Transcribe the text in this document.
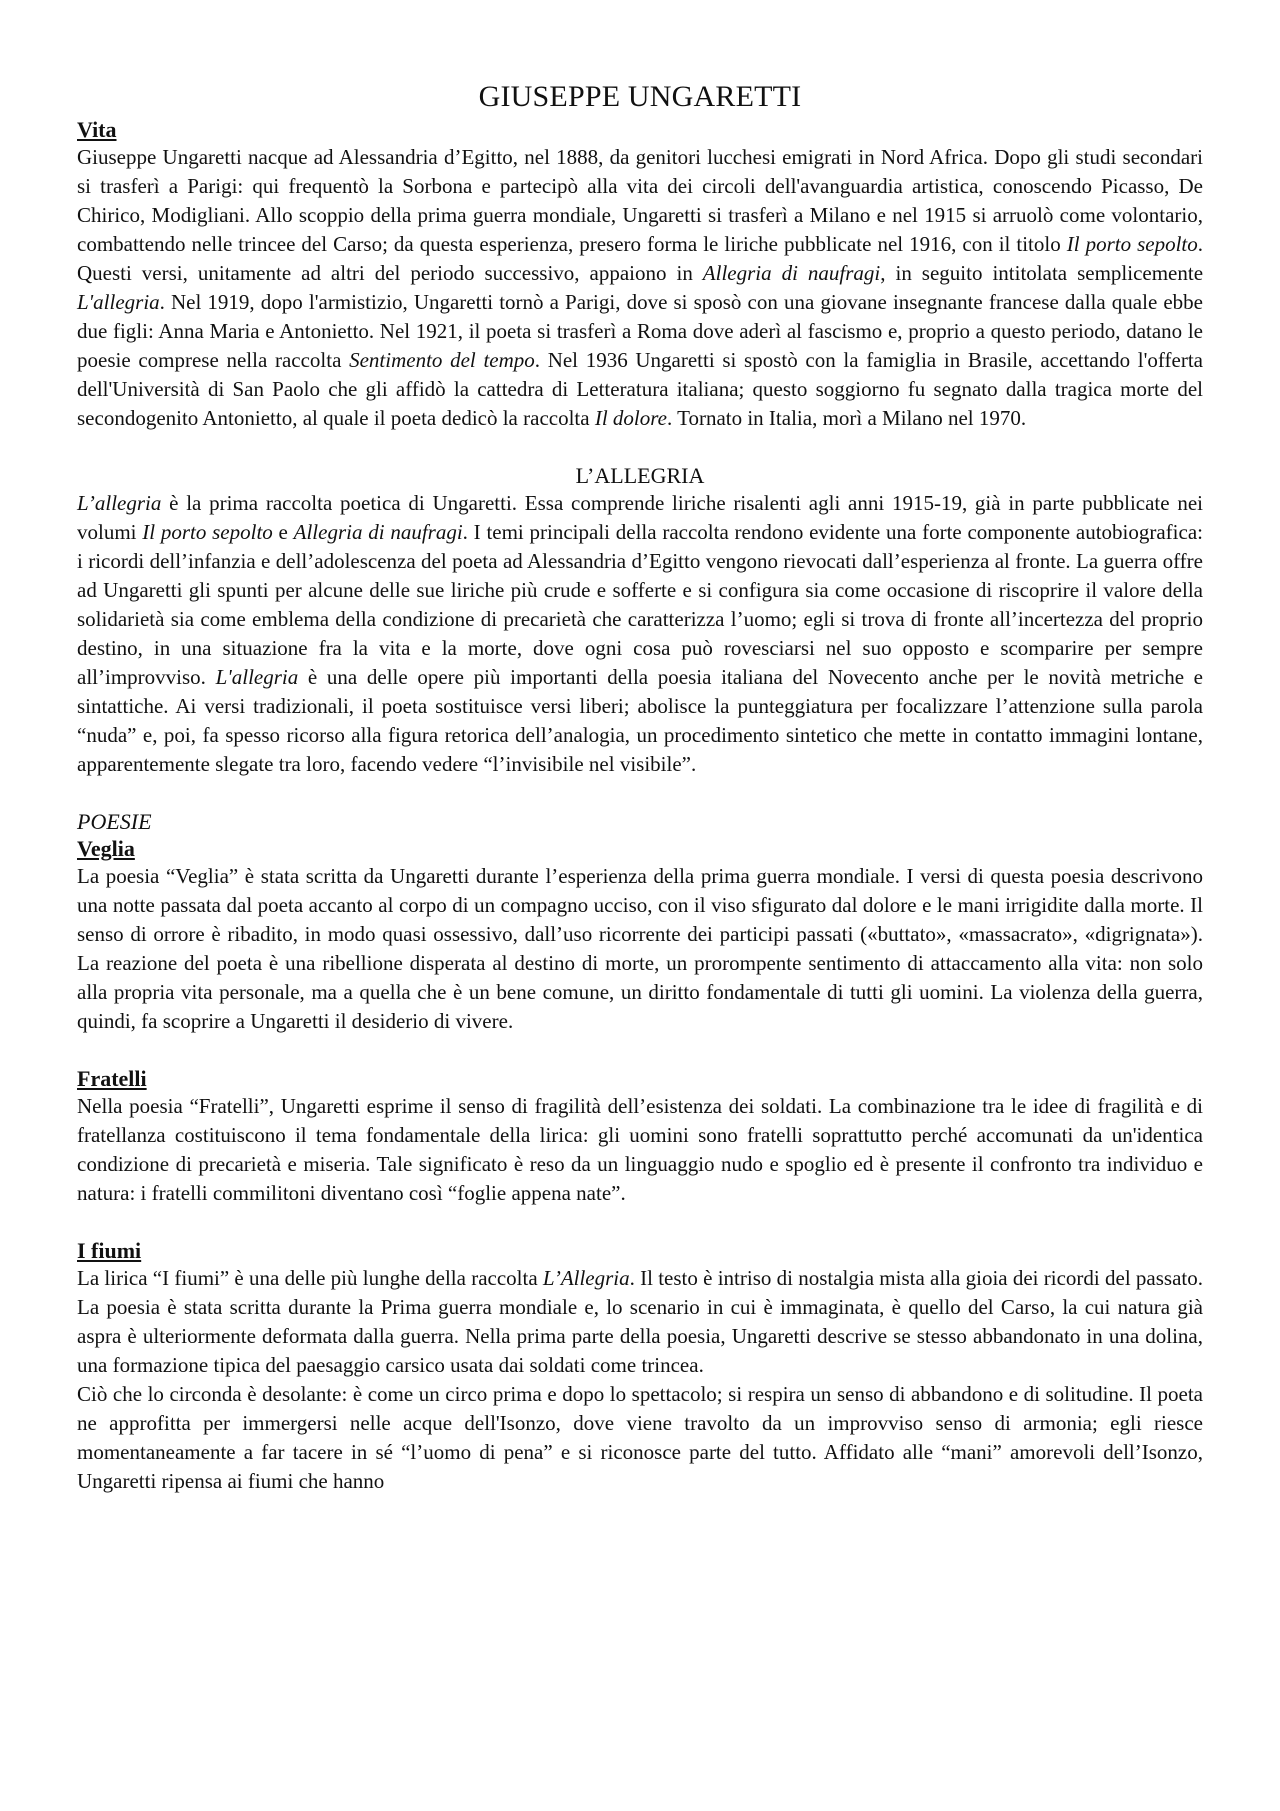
GIUSEPPE UNGARETTI
Vita

Giuseppe Ungaretti nacque ad Alessandria d’Egitto, nel 1888, da genitori lucchesi emigrati in Nord Africa. Dopo gli studi secondari si trasferì a Parigi: qui frequentò la Sorbona e partecipò alla vita dei circoli dell'avanguardia artistica, conoscendo Picasso, De Chirico, Modigliani. Allo scoppio della prima guerra mondiale, Ungaretti si trasferì a Milano e nel 1915 si arruolò come volontario, combattendo nelle trincee del Carso; da questa esperienza, presero forma le liriche pubblicate nel 1916, con il titolo Il porto sepolto. Questi versi, unitamente ad altri del periodo successivo, appaiono in Allegria di naufragi, in seguito intitolata semplicemente L'allegria. Nel 1919, dopo l'armistizio, Ungaretti tornò a Parigi, dove si sposò con una giovane insegnante francese dalla quale ebbe due figli: Anna Maria e Antonietto. Nel 1921, il poeta si trasferì a Roma dove aderì al fascismo e, proprio a questo periodo, datano le poesie comprese nella raccolta Sentimento del tempo. Nel 1936 Ungaretti si spostò con la famiglia in Brasile, accettando l'offerta dell'Università di San Paolo che gli affidò la cattedra di Letteratura italiana; questo soggiorno fu segnato dalla tragica morte del secondogenito Antonietto, al quale il poeta dedicò la raccolta Il dolore. Tornato in Italia, morì a Milano nel 1970.

L’ALLEGRIA

L’allegria è la prima raccolta poetica di Ungaretti. Essa comprende liriche risalenti agli anni 1915-19, già in parte pubblicate nei volumi Il porto sepolto e Allegria di naufragi. I temi principali della raccolta rendono evidente una forte componente autobiografica: i ricordi dell’infanzia e dell’adolescenza del poeta ad Alessandria d’Egitto vengono rievocati dall’esperienza al fronte. La guerra offre ad Ungaretti gli spunti per alcune delle sue liriche più crude e sofferte e si configura sia come occasione di riscoprire il valore della solidarietà sia come emblema della condizione di precarietà che caratterizza l’uomo; egli si trova di fronte all’incertezza del proprio destino, in una situazione fra la vita e la morte, dove ogni cosa può rovesciarsi nel suo opposto e scomparire per sempre all’improvviso. L'allegria è una delle opere più importanti della poesia italiana del Novecento anche per le novità metriche e sintattiche. Ai versi tradizionali, il poeta sostituisce versi liberi; abolisce la punteggiatura per focalizzare l’attenzione sulla parola “nuda” e, poi, fa spesso ricorso alla figura retorica dell’analogia, un procedimento sintetico che mette in contatto immagini lontane, apparentemente slegate tra loro, facendo vedere “l’invisibile nel visibile”.

POESIE
Veglia

La poesia “Veglia” è stata scritta da Ungaretti durante l’esperienza della prima guerra mondiale. I versi di questa poesia descrivono una notte passata dal poeta accanto al corpo di un compagno ucciso, con il viso sfigurato dal dolore e le mani irrigidite dalla morte. Il senso di orrore è ribadito, in modo quasi ossessivo, dall’uso ricorrente dei participi passati («buttato», «massacrato», «digrignata»). La reazione del poeta è una ribellione disperata al destino di morte, un prorompente sentimento di attaccamento alla vita: non solo alla propria vita personale, ma a quella che è un bene comune, un diritto fondamentale di tutti gli uomini. La violenza della guerra, quindi, fa scoprire a Ungaretti il desiderio di vivere.

Fratelli

Nella poesia “Fratelli”, Ungaretti esprime il senso di fragilità dell’esistenza dei soldati. La combinazione tra le idee di fragilità e di fratellanza costituiscono il tema fondamentale della lirica: gli uomini sono fratelli soprattutto perché accomunati da un'identica condizione di precarietà e miseria. Tale significato è reso da un linguaggio nudo e spoglio ed è presente il confronto tra individuo e natura: i fratelli commilitoni diventano così “foglie appena nate”.

I fiumi

La lirica “I fiumi” è una delle più lunghe della raccolta L’Allegria. Il testo è intriso di nostalgia mista alla gioia dei ricordi del passato. La poesia è stata scritta durante la Prima guerra mondiale e, lo scenario in cui è immaginata, è quello del Carso, la cui natura già aspra è ulteriormente deformata dalla guerra. Nella prima parte della poesia, Ungaretti descrive se stesso abbandonato in una dolina, una formazione tipica del paesaggio carsico usata dai soldati come trincea.

Ciò che lo circonda è desolante: è come un circo prima e dopo lo spettacolo; si respira un senso di abbandono e di solitudine. Il poeta ne approfitta per immergersi nelle acque dell'Isonzo, dove viene travolto da un improvviso senso di armonia; egli riesce momentaneamente a far tacere in sé “l’uomo di pena” e si riconosce parte del tutto. Affidato alle “mani” amorevoli dell’Isonzo, Ungaretti ripensa ai fiumi che hanno
